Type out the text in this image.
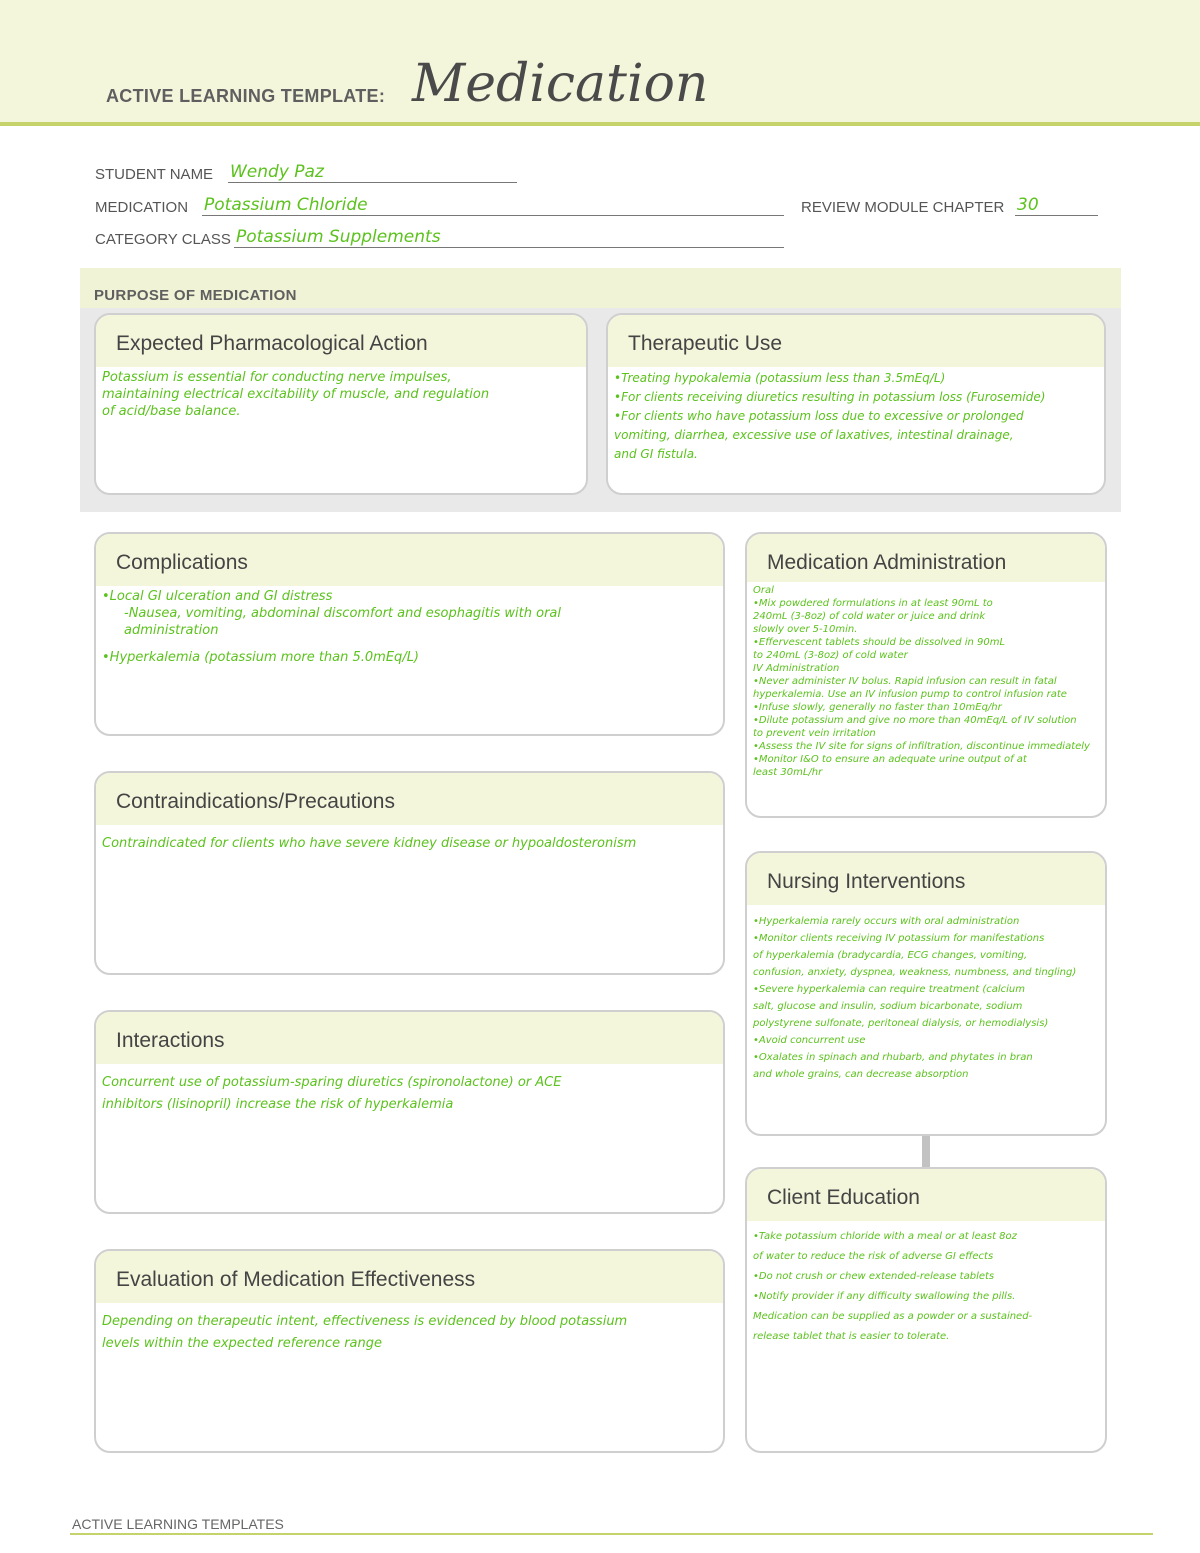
ACTIVE LEARNING TEMPLATE: Medication
STUDENT NAME Wendy Paz
MEDICATION Potassium Chloride	REVIEW MODULE CHAPTER 30
CATEGORY CLASS Potassium Supplements
PURPOSE OF MEDICATION
Expected Pharmacological Action

Potassium is essential for conducting nerve impulses,

maintaining electrical excitability of muscle, and regulation

of acid/base balance.

Therapeutic Use

•Treating hypokalemia (potassium less than 3.5mEq/L)

•For clients receiving diuretics resulting in potassium loss (Furosemide)

•For clients who have potassium loss due to excessive or prolonged

vomiting, diarrhea, excessive use of laxatives, intestinal drainage,

and GI fistula.

Complications

•Local GI ulceration and GI distress

-Nausea, vomiting, abdominal discomfort and esophagitis with oral

administration

•Hyperkalemia (potassium more than 5.0mEq/L)

Contraindications/Precautions

Contraindicated for clients who have severe kidney disease or hypoaldosteronism

Interactions

Concurrent use of potassium-sparing diuretics (spironolactone) or ACE

inhibitors (lisinopril) increase the risk of hyperkalemia

Evaluation of Medication Effectiveness

Depending on therapeutic intent, effectiveness is evidenced by blood potassium

levels within the expected reference range

Medication Administration

Oral

•Mix powdered formulations in at least 90mL to

240mL (3-8oz) of cold water or juice and drink

slowly over 5-10min.

•Effervescent tablets should be dissolved in 90mL

to 240mL (3-8oz) of cold water

IV Administration

•Never administer IV bolus. Rapid infusion can result in fatal

hyperkalemia. Use an IV infusion pump to control infusion rate

•Infuse slowly, generally no faster than 10mEq/hr

•Dilute potassium and give no more than 40mEq/L of IV solution

to prevent vein irritation

•Assess the IV site for signs of infiltration, discontinue immediately

•Monitor I&O to ensure an adequate urine output of at

least 30mL/hr

Nursing Interventions

•Hyperkalemia rarely occurs with oral administration

•Monitor clients receiving IV potassium for manifestations

of hyperkalemia (bradycardia, ECG changes, vomiting,

confusion, anxiety, dyspnea, weakness, numbness, and tingling)

•Severe hyperkalemia can require treatment (calcium

salt, glucose and insulin, sodium bicarbonate, sodium

polystyrene sulfonate, peritoneal dialysis, or hemodialysis)

•Avoid concurrent use

•Oxalates in spinach and rhubarb, and phytates in bran

and whole grains, can decrease absorption

Client Education

•Take potassium chloride with a meal or at least 8oz

of water to reduce the risk of adverse GI effects

•Do not crush or chew extended-release tablets

•Notify provider if any difficulty swallowing the pills.

Medication can be supplied as a powder or a sustained-

release tablet that is easier to tolerate.

ACTIVE LEARNING TEMPLATES
